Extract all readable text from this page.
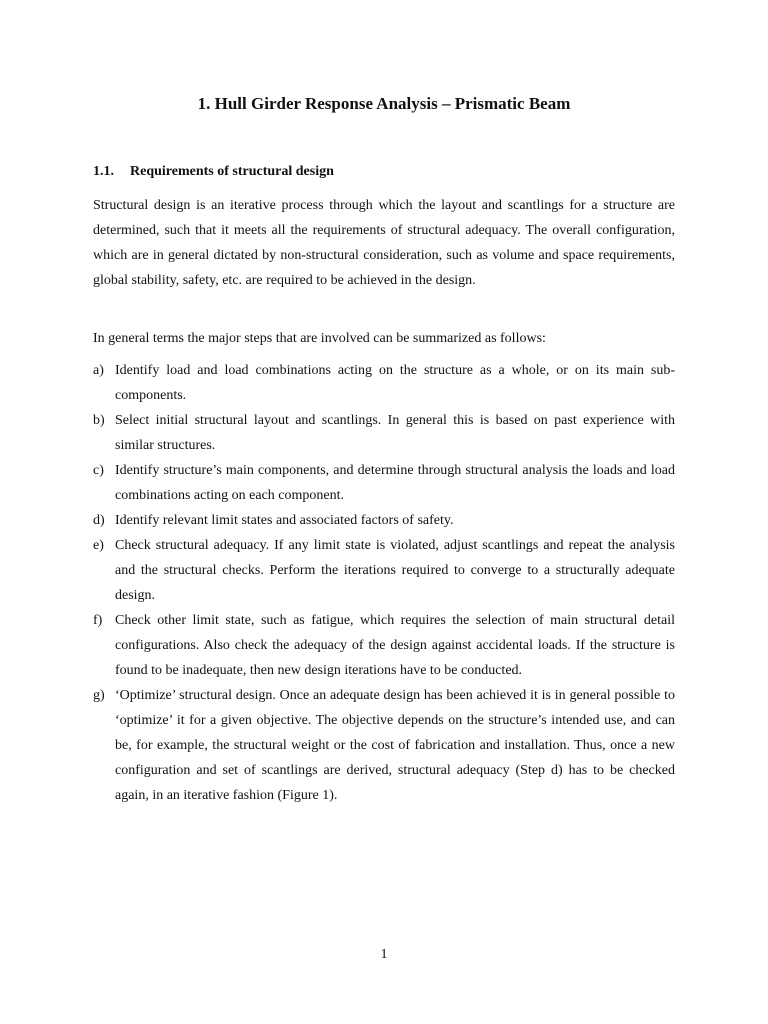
1. Hull Girder Response Analysis – Prismatic Beam
1.1. Requirements of structural design

Structural design is an iterative process through which the layout and scantlings for a structure are determined, such that it meets all the requirements of structural adequacy. The overall configuration, which are in general dictated by non-structural consideration, such as volume and space requirements, global stability, safety, etc. are required to be achieved in the design.

In general terms the major steps that are involved can be summarized as follows:

a) Identify load and load combinations acting on the structure as a whole, or on its main sub-components.
b) Select initial structural layout and scantlings. In general this is based on past experience with similar structures.
c) Identify structure’s main components, and determine through structural analysis the loads and load combinations acting on each component.
d) Identify relevant limit states and associated factors of safety.
e) Check structural adequacy. If any limit state is violated, adjust scantlings and repeat the analysis and the structural checks. Perform the iterations required to converge to a structurally adequate design.
f) Check other limit state, such as fatigue, which requires the selection of main structural detail configurations. Also check the adequacy of the design against accidental loads. If the structure is found to be inadequate, then new design iterations have to be conducted.
g) ‘Optimize’ structural design. Once an adequate design has been achieved it is in general possible to ‘optimize’ it for a given objective. The objective depends on the structure’s intended use, and can be, for example, the structural weight or the cost of fabrication and installation. Thus, once a new configuration and set of scantlings are derived, structural adequacy (Step d) has to be checked again, in an iterative fashion (Figure 1).
1
